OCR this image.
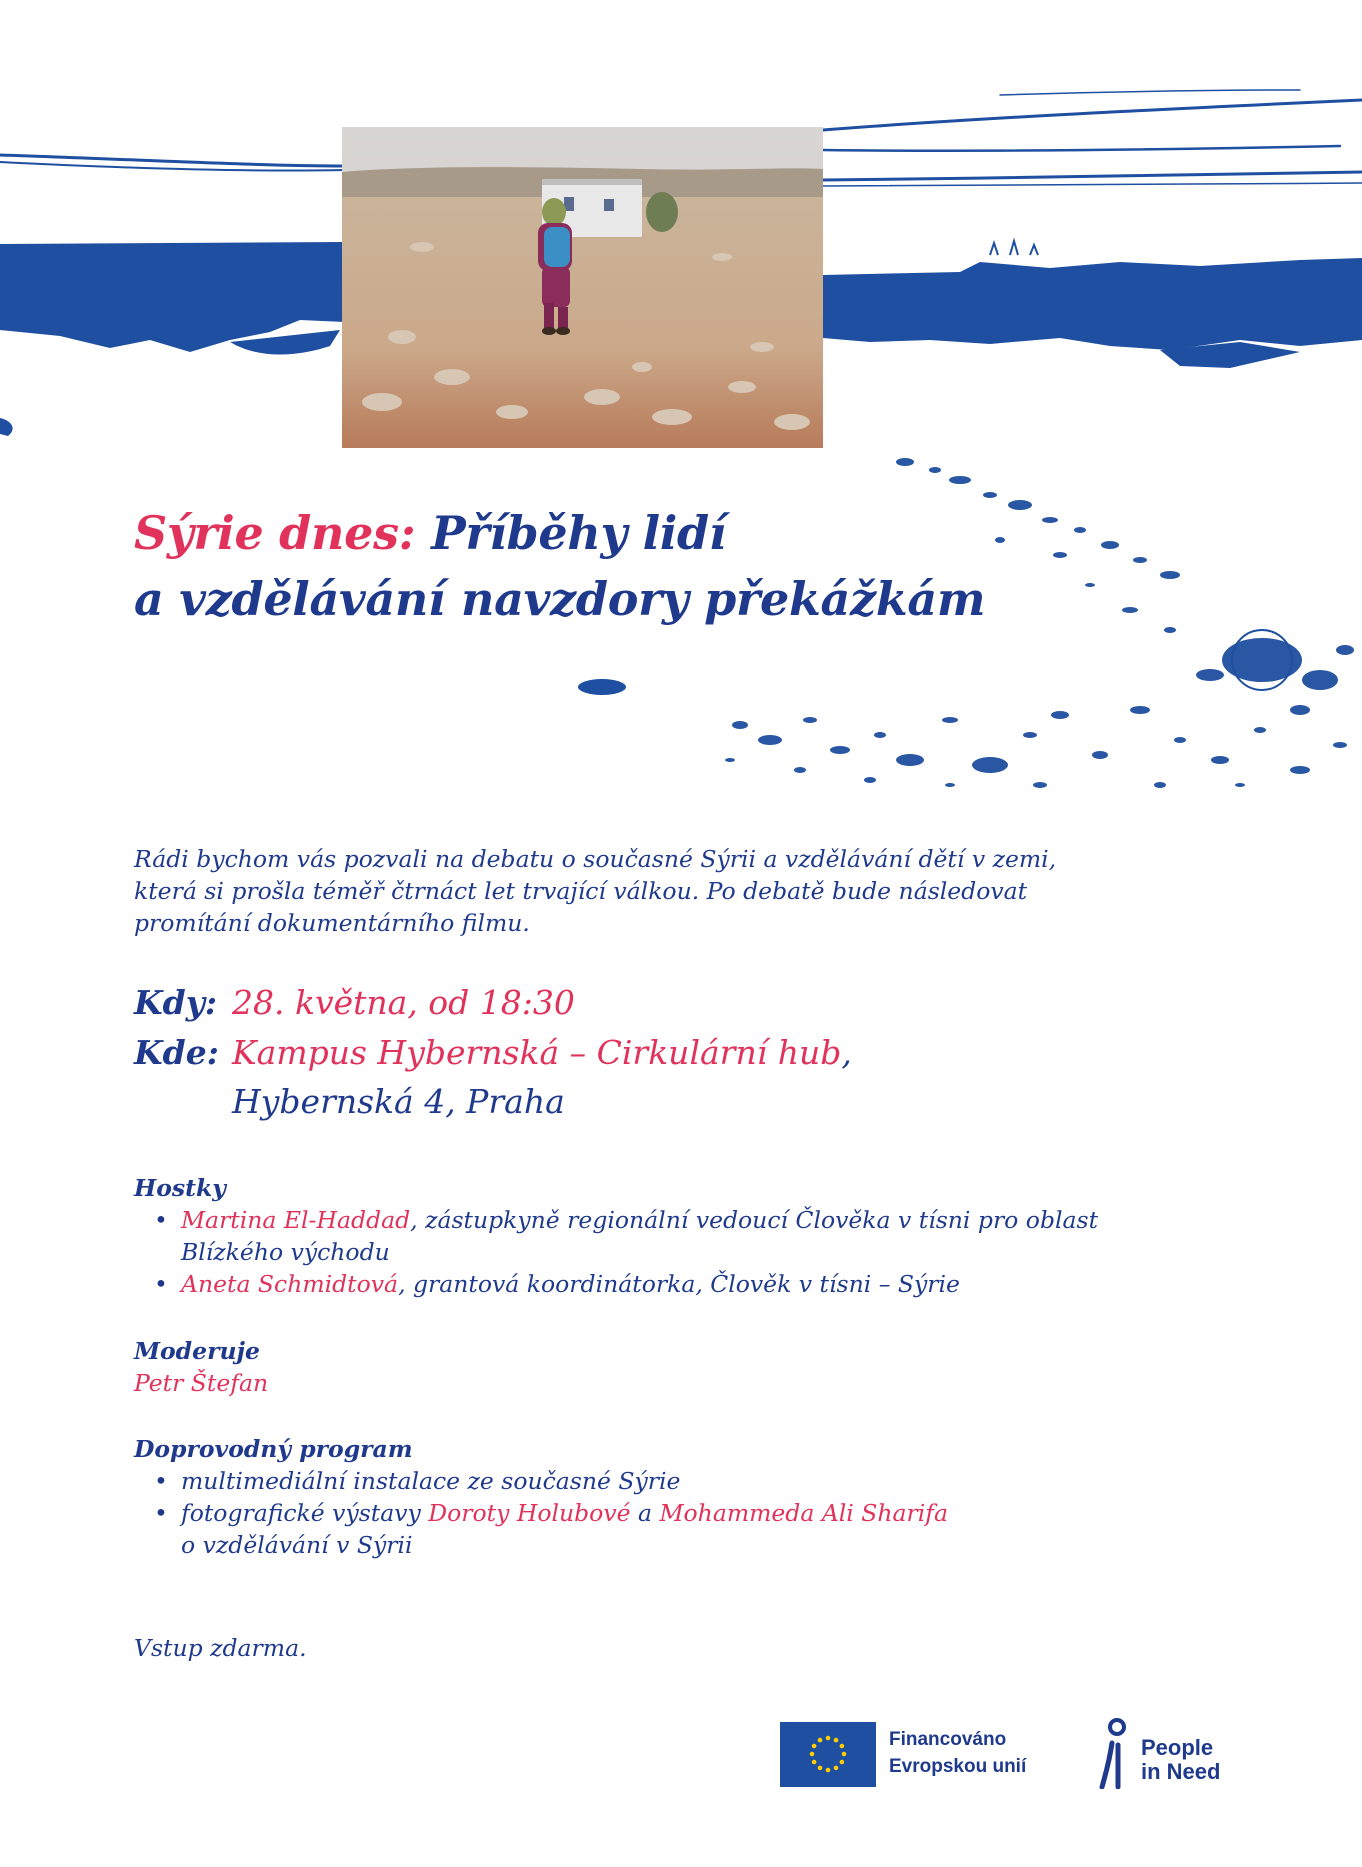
Sýrie dnes: Příběhy lidí
a vzdělávání navzdory překážkám

Rádi bychom vás pozvali na debatu o současné Sýrii a vzdělávání dětí v zemi,
která si prošla téměř čtrnáct let trvající válkou. Po debatě bude následovat
promítání dokumentárního filmu.

Kdy: 28. května, od 18:30
Kde: Kampus Hybernská – Cirkulární hub,
Hybernská 4, Praha
Hostky
• Martina El-Haddad, zástupkyně regionální vedoucí Člověka v tísni pro oblast
Blízkého východu
• Aneta Schmidtová, grantová koordinátorka, Člověk v tísni – Sýrie
Moderuje

Petr Štefan

Doprovodný program
• multimediální instalace ze současné Sýrie
• fotografické výstavy Doroty Holubové a Mohammeda Ali Sharifa
o vzdělávání v Sýrii

Vstup zdarma.

Financováno
Evropskou unií
People
in Need
